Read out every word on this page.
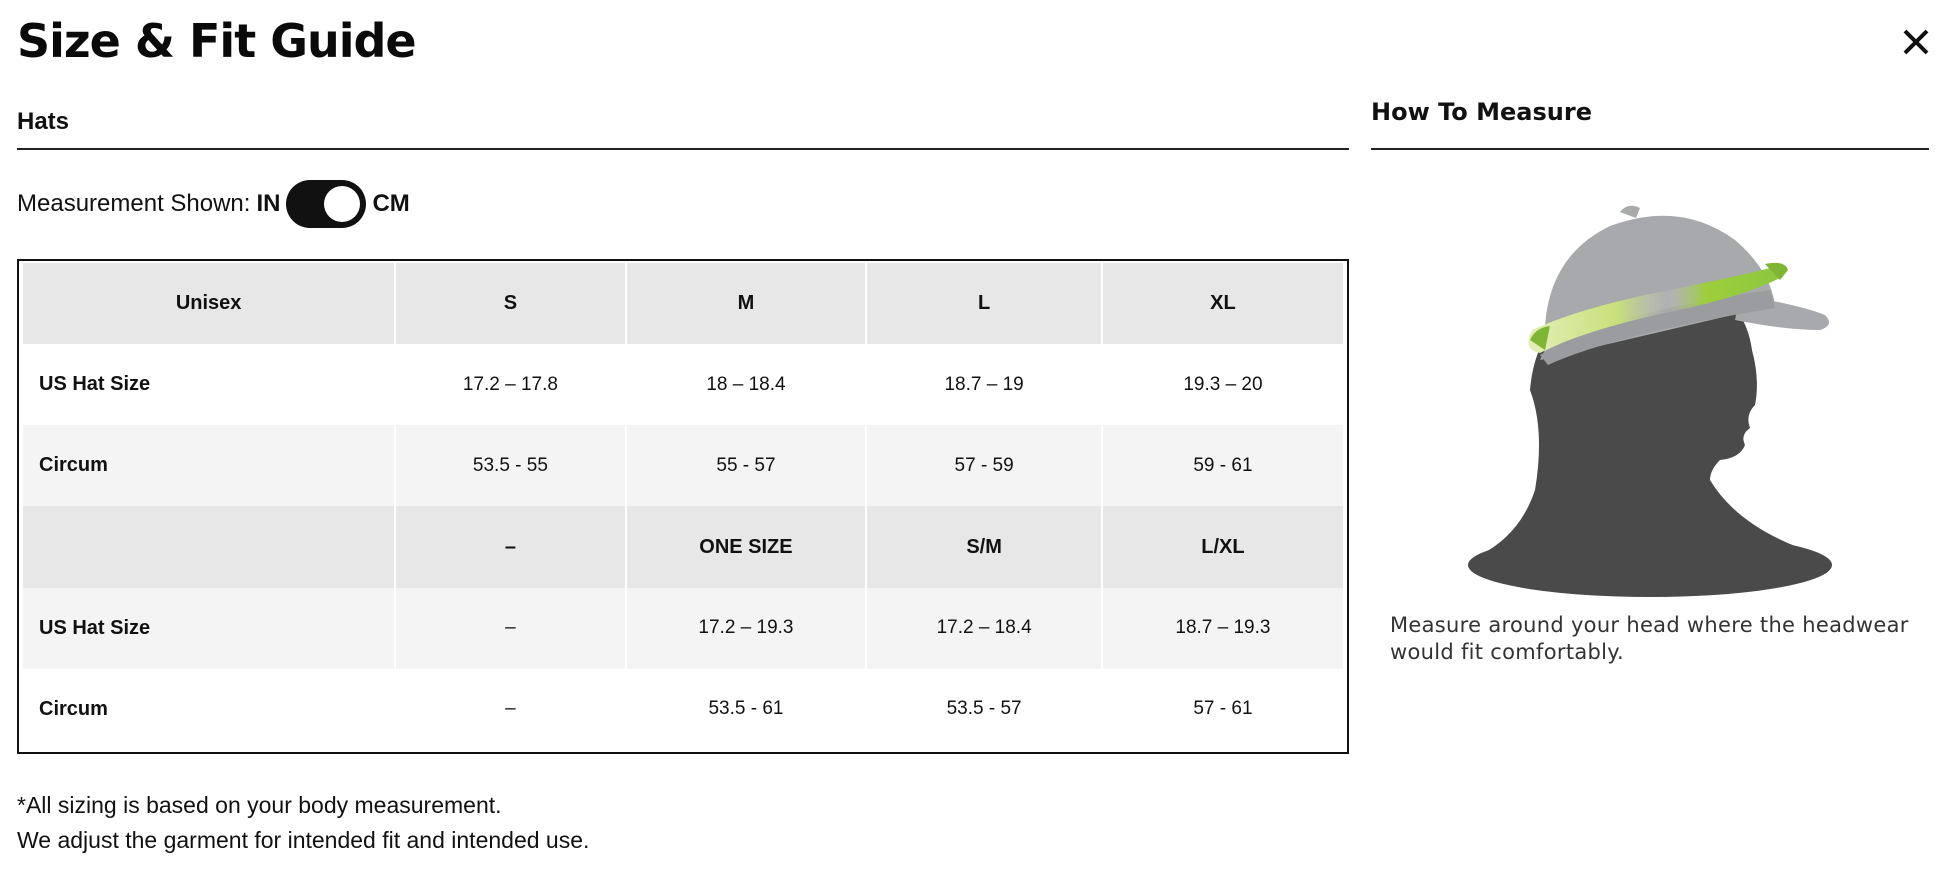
Size & Fit Guide
Hats	How To Measure
Measurement Shown: IN	CM
Unisex	S	M	L	XL
US Hat Size	17.2 – 17.8	18 – 18.4	18.7 – 19	19.3 – 20
Circum	53.5 - 55	55 - 57	57 - 59	59 - 61
	–	ONE SIZE	S/M	L/XL
US Hat Size	–	17.2 – 19.3	17.2 – 18.4	18.7 – 19.3
Circum	–	53.5 - 61	53.5 - 57	57 - 61
*All sizing is based on your body measurement.
We adjust the garment for intended fit and intended use.
Measure around your head where the headwear would fit comfortably.
